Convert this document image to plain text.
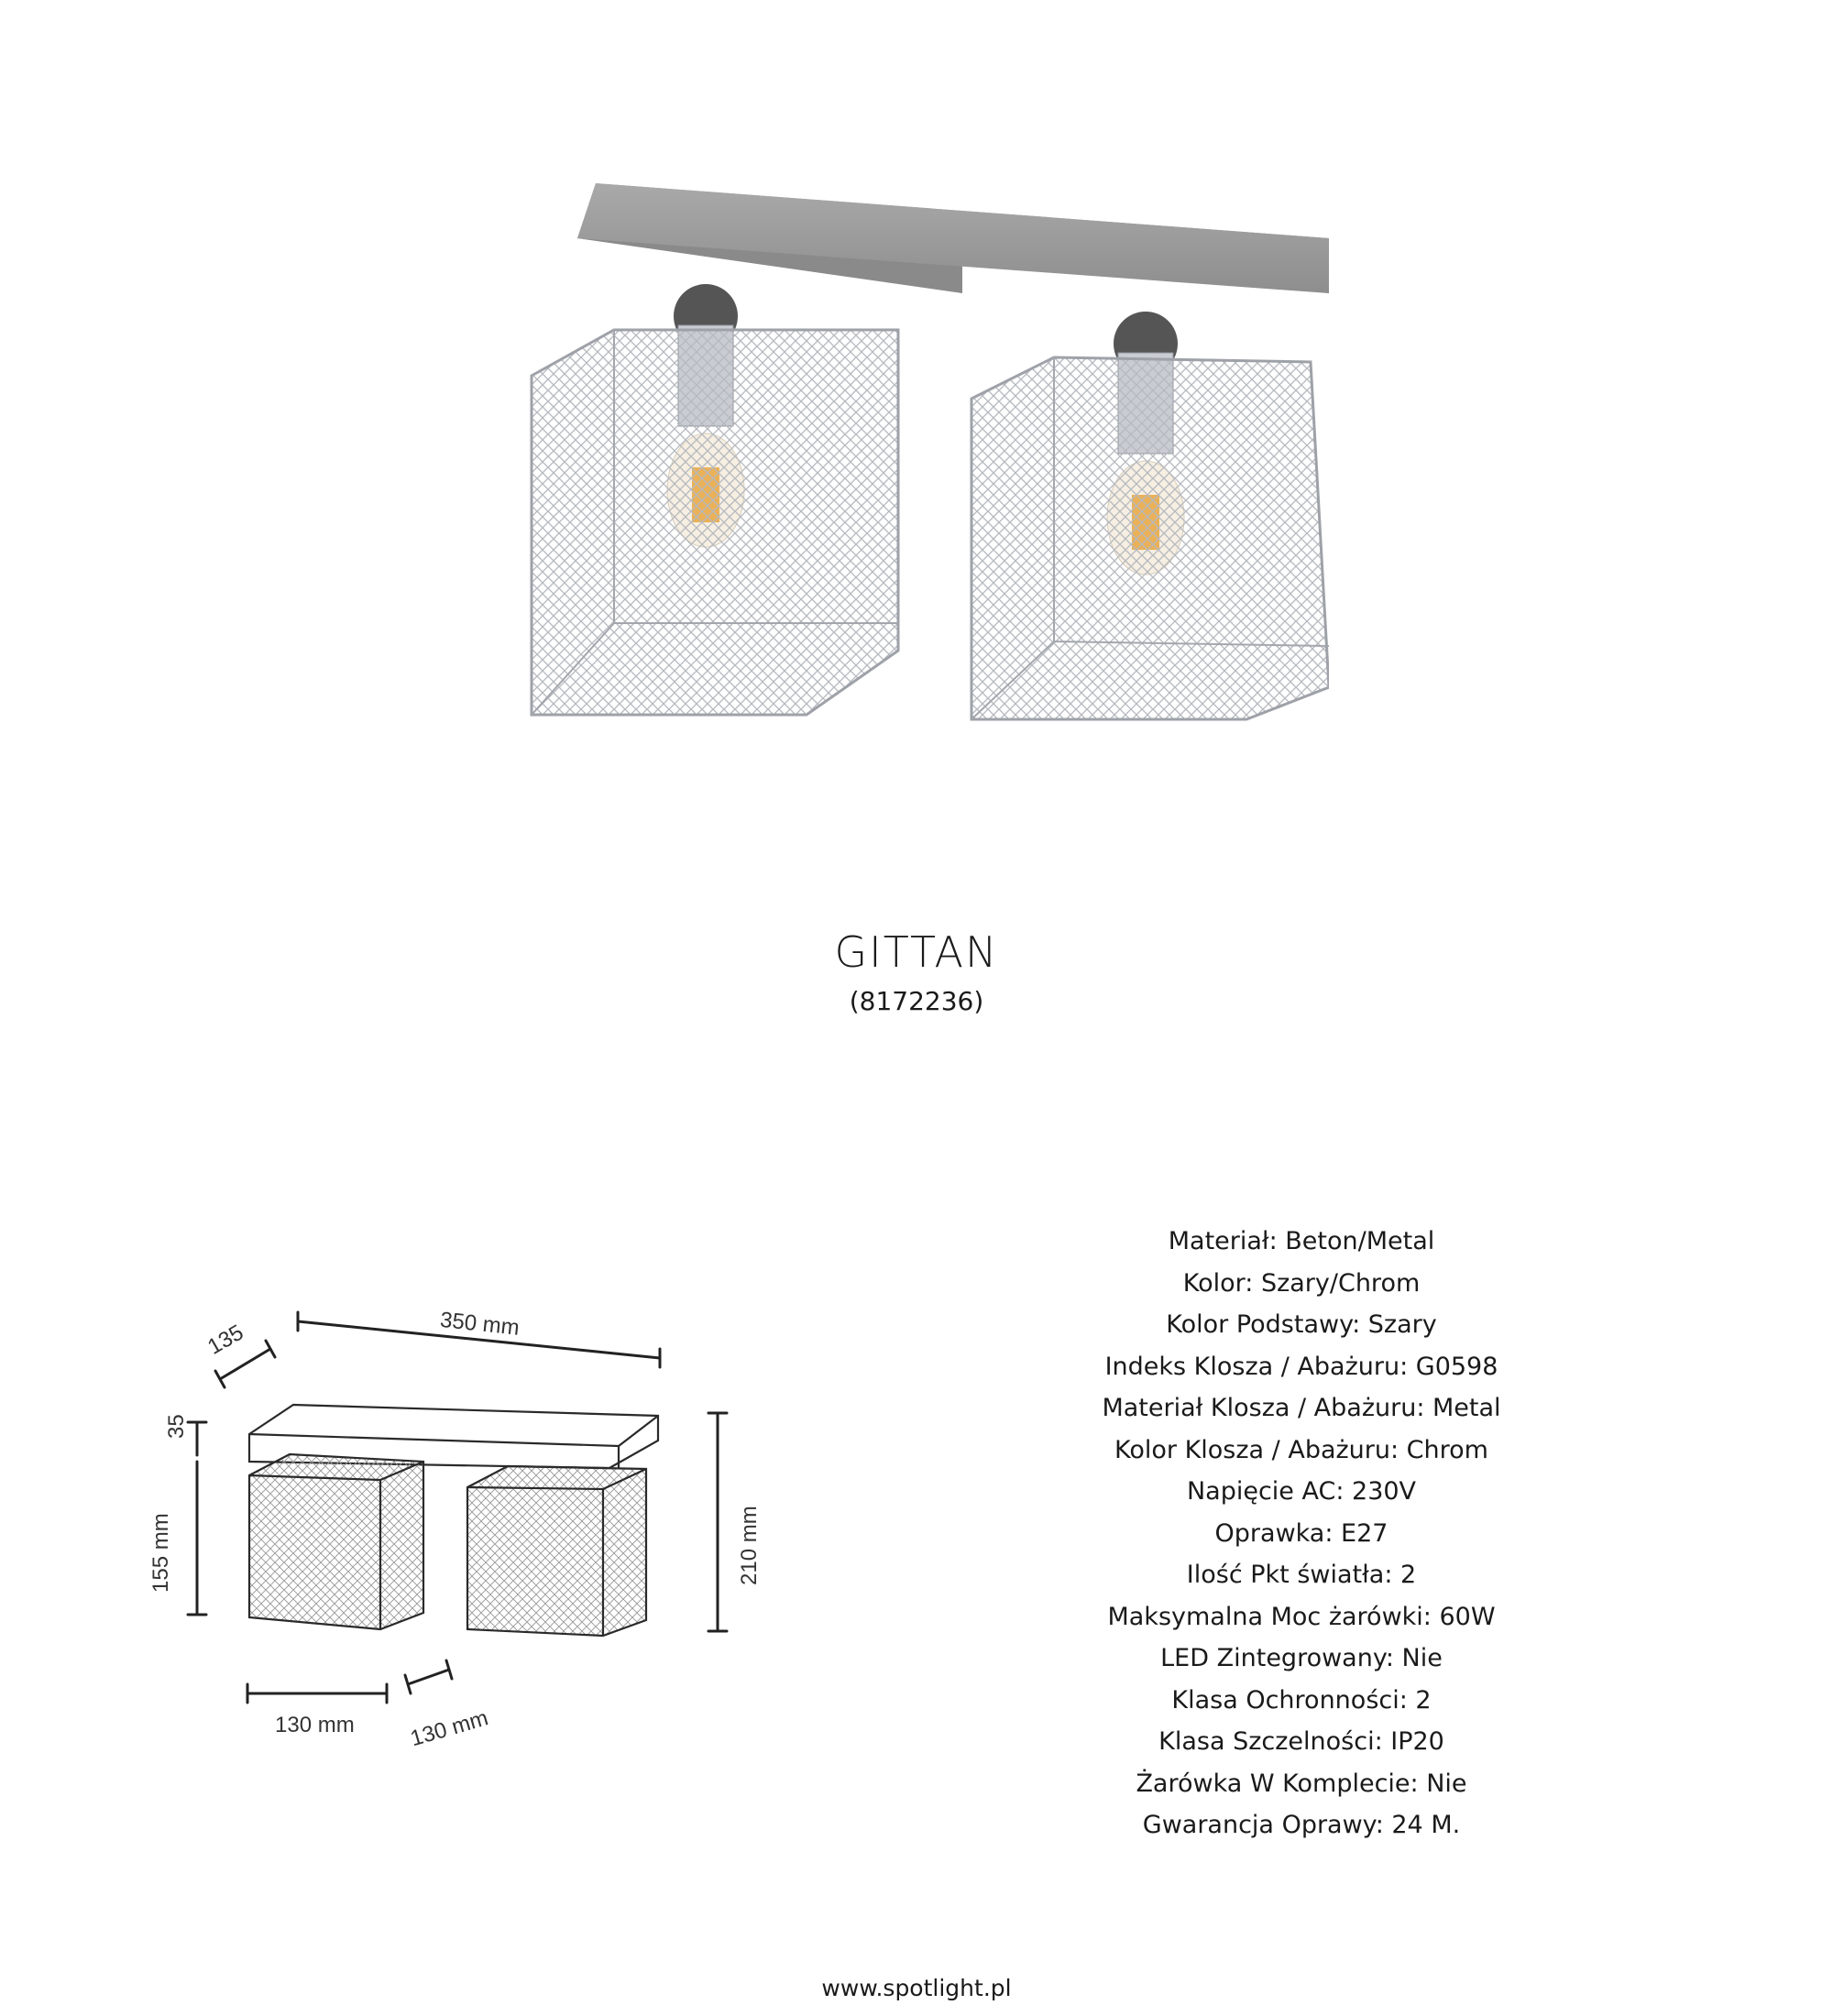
GITTAN
(8172236)
350 mm
135
35
155 mm	210 mm
130 mm 130 mm
Materiał: Beton/Metal
Kolor: Szary/Chrom
Kolor Podstawy: Szary
Indeks Klosza / Abażuru: G0598
Materiał Klosza / Abażuru: Metal
Kolor Klosza / Abażuru: Chrom
Napięcie AC: 230V
Oprawka: E27
Ilość Pkt światła: 2
Maksymalna Moc żarówki: 60W
LED Zintegrowany: Nie
Klasa Ochronności: 2
Klasa Szczelności: IP20
Żarówka W Komplecie: Nie
Gwarancja Oprawy: 24 M.
www.spotlight.pl
